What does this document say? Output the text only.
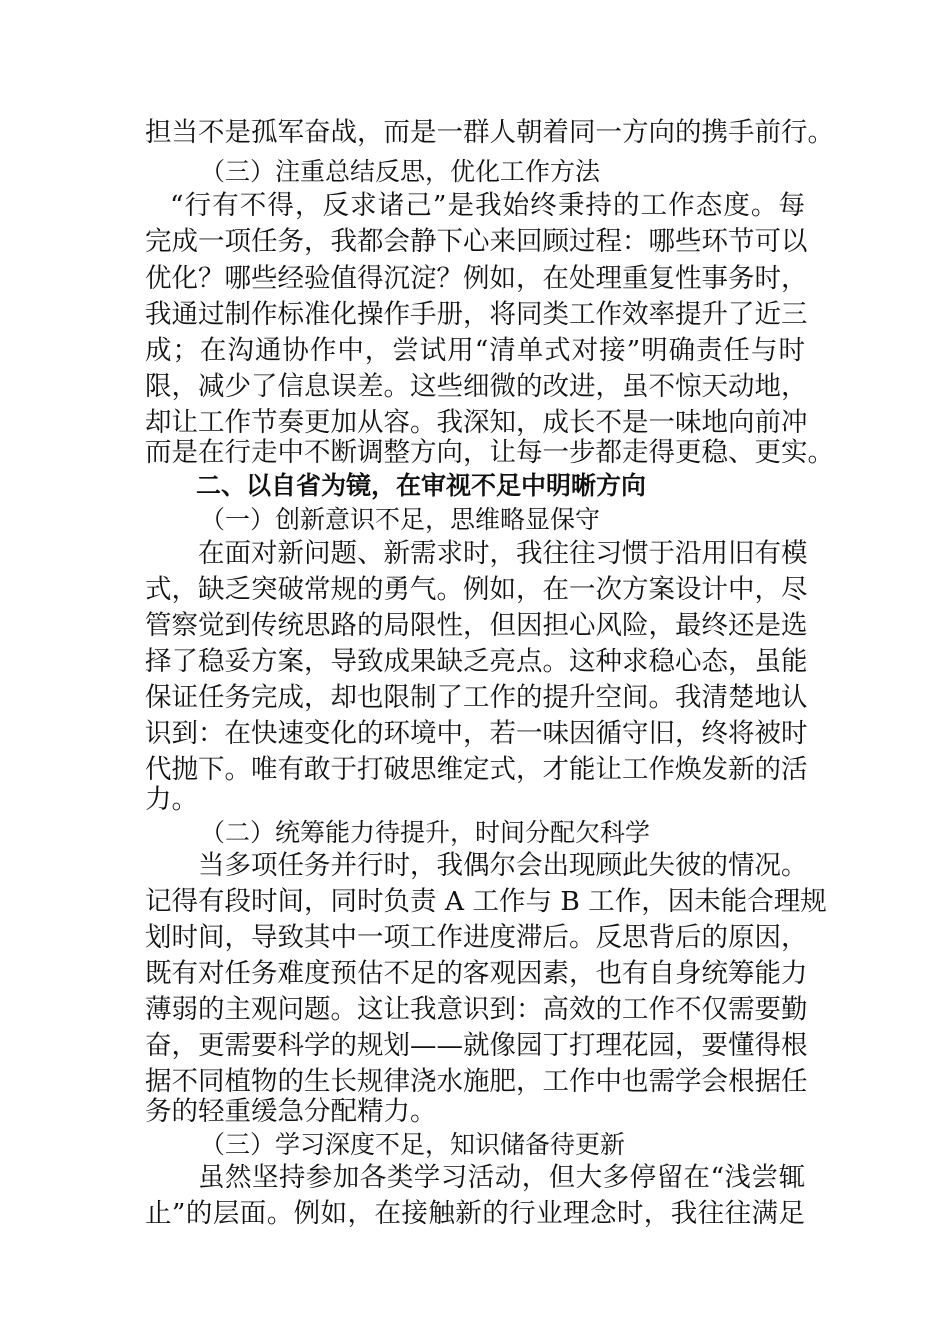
担当不是孤军奋战，而是一群人朝着同一方向的携手前行。
（三）注重总结反思，优化工作方法
“行有不得，反求诸己”是我始终秉持的工作态度。每
完成一项任务，我都会静下心来回顾过程：哪些环节可以
优化？哪些经验值得沉淀？例如，在处理重复性事务时，
我通过制作标准化操作手册，将同类工作效率提升了近三
成；在沟通协作中，尝试用“清单式对接”明确责任与时
限，减少了信息误差。这些细微的改进，虽不惊天动地，
却让工作节奏更加从容。我深知，成长不是一味地向前冲
而是在行走中不断调整方向，让每一步都走得更稳、更实。
二、以自省为镜，在审视不足中明晰方向
（一）创新意识不足，思维略显保守
在面对新问题、新需求时，我往往习惯于沿用旧有模
式，缺乏突破常规的勇气。例如，在一次方案设计中，尽
管察觉到传统思路的局限性，但因担心风险，最终还是选
择了稳妥方案，导致成果缺乏亮点。这种求稳心态，虽能
保证任务完成，却也限制了工作的提升空间。我清楚地认
识到：在快速变化的环境中，若一味因循守旧，终将被时
代抛下。唯有敢于打破思维定式，才能让工作焕发新的活
力。
（二）统筹能力待提升，时间分配欠科学
当多项任务并行时，我偶尔会出现顾此失彼的情况。
记得有段时间，同时负责 A 工作与 B 工作，因未能合理规
划时间，导致其中一项工作进度滞后。反思背后的原因，
既有对任务难度预估不足的客观因素，也有自身统筹能力
薄弱的主观问题。这让我意识到：高效的工作不仅需要勤
奋，更需要科学的规划——就像园丁打理花园，要懂得根
据不同植物的生长规律浇水施肥，工作中也需学会根据任
务的轻重缓急分配精力。
（三）学习深度不足，知识储备待更新
虽然坚持参加各类学习活动，但大多停留在“浅尝辄
止”的层面。例如，在接触新的行业理念时，我往往满足
